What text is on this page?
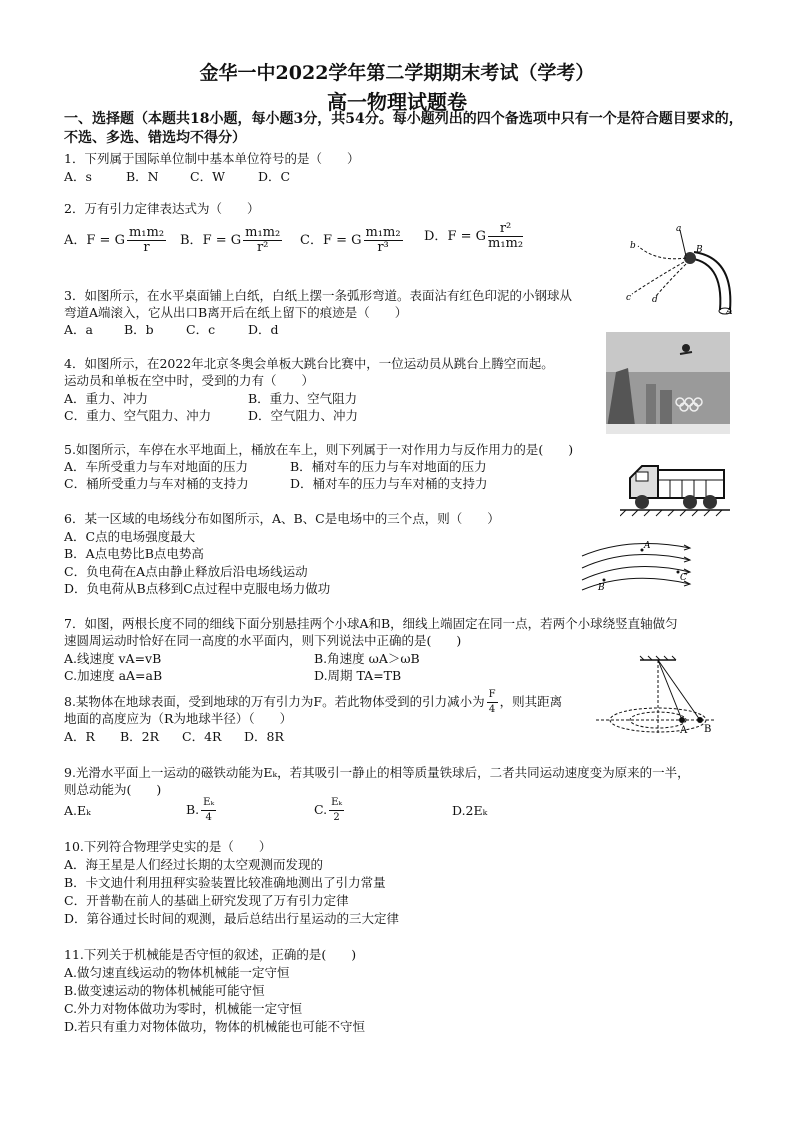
金华一中2022学年第二学期期末考试（学考）
高一物理试题卷
一、选择题（本题共18小题，每小题3分，共54分。每小题列出的四个备选项中只有一个是符合题目要求的，不选、多选、错选均不得分）
1．下列属于国际单位制中基本单位符号的是（　　）
A．s	B．N	C．W	D．C
2．万有引力定律表达式为（　　）
A．F = G $\frac{\text{m₁m₂}}{r}$ B．F = G $\frac{\text{m₁m₂}}{\text{r²}}$ C．F = G $\frac{\text{m₁m₂}}{\text{r³}}$ D．F = G $\frac{\text{r²}}{\text{m₁m₂}}$	a
b
c d
B
A
3．如图所示，在水平桌面铺上白纸，白纸上摆一条弧形弯道。表面沾有红色印泥的小钢球从
弯道A端滚入，它从出口B离开后在纸上留下的痕迹是（　　）
A．a B．b	C．c	D．d
4．如图所示，在2022年北京冬奥会单板大跳台比赛中，一位运动员从跳台上腾空而起。
运动员和单板在空中时，受到的力有（　　）
A．重力、冲力	B．重力、空气阻力
C．重力、空气阻力、冲力	D．空气阻力、冲力
5.如图所示，车停在水平地面上，桶放在车上，则下列属于一对作用力与反作用力的是(　　)
A．车所受重力与车对地面的压力	B．桶对车的压力与车对地面的压力
C．桶所受重力与车对桶的支持力	D．桶对车的压力与车对桶的支持力
6．某一区域的电场线分布如图所示，A、B、C是电场中的三个点，则（　　）
A．C点的电场强度最大
B．A点电势比B点电势高
C．负电荷在A点由静止释放后沿电场线运动
D．负电荷从B点移到C点过程中克服电场力做功
A
B
C
7．如图，两根长度不同的细线下面分别悬挂两个小球A和B，细线上端固定在同一点，若两个小球绕竖直轴做匀
速圆周运动时恰好在同一高度的水平面内，则下列说法中正确的是(　　)
A.线速度 vA=vB	B.角速度 ωA＞ωB
C.加速度 aA=aB	D.周期 TA=TB
A B
8.某物体在地球表面，受到地球的万有引力为F。若此物体受到的引力减小为 $\frac{F}{4}$ ，则其距离
地面的高度应为（R为地球半径）（　　）
A．R B．2R C．4R D．8R
9.光滑水平面上一运动的磁铁动能为Eₖ，若其吸引一静止的相等质量铁球后，二者共同运动速度变为原来的一半，
则总动能为(　　)
A.Eₖ	B. $\frac{\text{Eₖ}}{4}$	C. $\frac{\text{Eₖ}}{2}$	D.2Eₖ
10.下列符合物理学史实的是（　　）
A．海王星是人们经过长期的太空观测而发现的
B．卡文迪什利用扭秤实验装置比较准确地测出了引力常量
C．开普勒在前人的基础上研究发现了万有引力定律
D．第谷通过长时间的观测，最后总结出行星运动的三大定律
11.下列关于机械能是否守恒的叙述，正确的是(　　)
A.做匀速直线运动的物体机械能一定守恒
B.做变速运动的物体机械能可能守恒
C.外力对物体做功为零时，机械能一定守恒
D.若只有重力对物体做功，物体的机械能也可能不守恒
